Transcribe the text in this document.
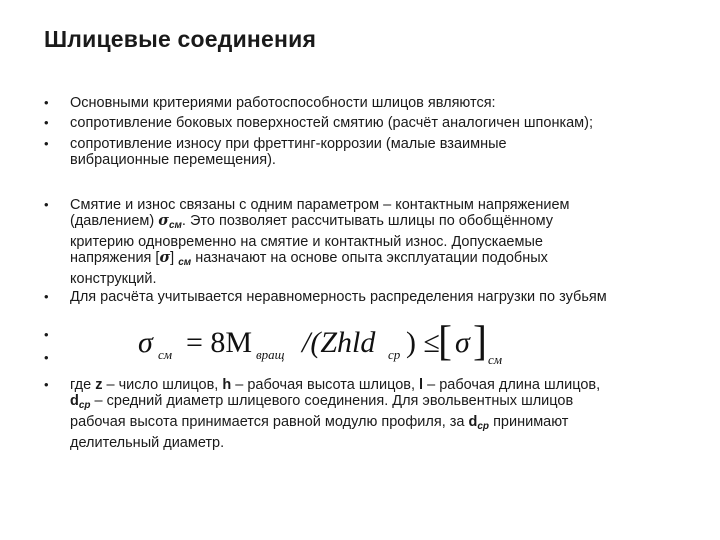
Шлицевые соединения
• Основными критериями работоспособности шлицов являются:
• сопротивление боковых поверхностей смятию (расчёт аналогичен шпонкам);
• сопротивление износу при фреттинг-коррозии (малые взаимные
вибрационные перемещения).
• Смятие и износ связаны с одним параметром – контактным напряжением
(давлением) $\sigma_{см}$. Это позволяет рассчитывать шлицы по обобщённому
критерию одновременно на смятие и контактный износ. Допускаемые
напряжения [σ] $_{см}$ назначают на основе опыта эксплуатации подобных
конструкций.
• Для расчёта учитывается неравномерность распределения нагрузки по зубьям
•
•	σ см = 8M вращ /(Zhld ср ) ≤
[ σ ] см
• где z – число шлицов, h – рабочая высота шлицов, l – рабочая длина шлицов,
$d_{ср}$ – средний диаметр шлицевого соединения. Для эвольвентных шлицов
рабочая высота принимается равной модулю профиля, за $d_{ср}$ принимают
делительный диаметр.
